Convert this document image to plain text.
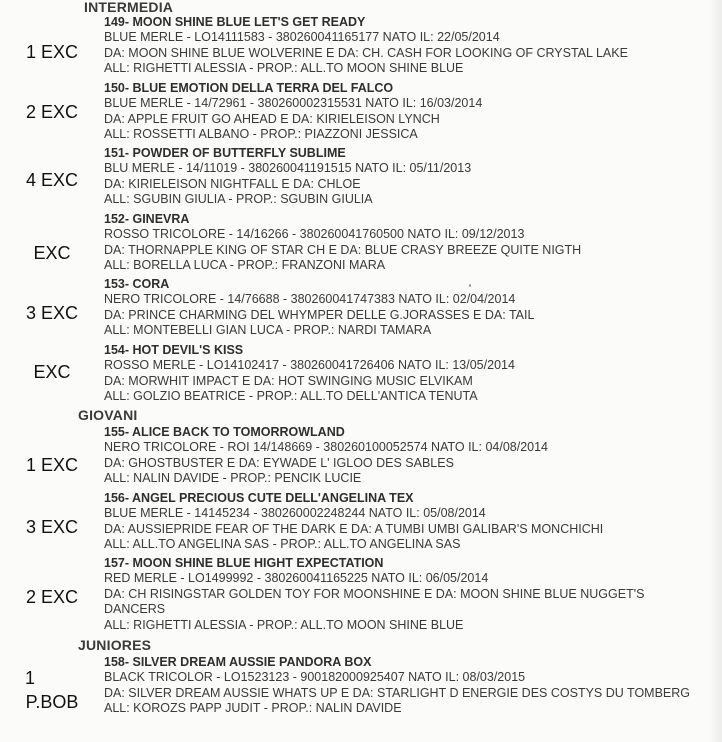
INTERMEDIA
1 EXC
149- MOON SHINE BLUE LET'S GET READY
BLUE MERLE - LO14111583 - 380260041165177 NATO IL: 22/05/2014
DA: MOON SHINE BLUE WOLVERINE E DA: CH. CASH FOR LOOKING OF CRYSTAL LAKE
ALL: RIGHETTI ALESSIA - PROP.: ALL.TO MOON SHINE BLUE
2 EXC
150- BLUE EMOTION DELLA TERRA DEL FALCO
BLUE MERLE - 14/72961 - 380260002315531 NATO IL: 16/03/2014
DA: APPLE FRUIT GO AHEAD E DA: KIRIELEISON LYNCH
ALL: ROSSETTI ALBANO - PROP.: PIAZZONI JESSICA
4 EXC
151- POWDER OF BUTTERFLY SUBLIME
BLU MERLE - 14/11019 - 380260041191515 NATO IL: 05/11/2013
DA: KIRIELEISON NIGHTFALL E DA: CHLOE
ALL: SGUBIN GIULIA - PROP.: SGUBIN GIULIA
EXC
152- GINEVRA
ROSSO TRICOLORE - 14/16266 - 380260041760500 NATO IL: 09/12/2013
DA: THORNAPPLE KING OF STAR CH E DA: BLUE CRASY BREEZE QUITE NIGTH
ALL: BORELLA LUCA - PROP.: FRANZONI MARA
3 EXC
153- CORA
NERO TRICOLORE - 14/76688 - 380260041747383 NATO IL: 02/04/2014
DA: PRINCE CHARMING DEL WHYMPER DELLE G.JORASSES E DA: TAIL
ALL: MONTEBELLI GIAN LUCA - PROP.: NARDI TAMARA
EXC
154- HOT DEVIL'S KISS
ROSSO MERLE - LO14102417 - 380260041726406 NATO IL: 13/05/2014
DA: MORWHIT IMPACT E DA: HOT SWINGING MUSIC ELVIKAM
ALL: GOLZIO BEATRICE - PROP.: ALL.TO DELL'ANTICA TENUTA
GIOVANI
1 EXC
155- ALICE BACK TO TOMORROWLAND
NERO TRICOLORE - ROI 14/148669 - 380260100052574 NATO IL: 04/08/2014
DA: GHOSTBUSTER E DA: EYWADE L' IGLOO DES SABLES
ALL: NALIN DAVIDE - PROP.: PENCIK LUCIE
3 EXC
156- ANGEL PRECIOUS CUTE DELL'ANGELINA TEX
BLUE MERLE - 14145234 - 380260002248244 NATO IL: 05/08/2014
DA: AUSSIEPRIDE FEAR OF THE DARK E DA: A TUMBI UMBI GALIBAR'S MONCHICHI
ALL: ALL.TO ANGELINA SAS - PROP.: ALL.TO ANGELINA SAS
2 EXC
157- MOON SHINE BLUE HIGHT EXPECTATION
RED MERLE - LO1499992 - 380260041165225 NATO IL: 06/05/2014
DA: CH RISINGSTAR GOLDEN TOY FOR MOONSHINE E DA: MOON SHINE BLUE NUGGET'S DANCERS
ALL: RIGHETTI ALESSIA - PROP.: ALL.TO MOON SHINE BLUE
JUNIORES
1
P.BOB
158- SILVER DREAM AUSSIE PANDORA BOX
BLACK TRICOLOR - LO1523123 - 900182000925407 NATO IL: 08/03/2015
DA: SILVER DREAM AUSSIE WHATS UP E DA: STARLIGHT D ENERGIE DES COSTYS DU TOMBERG
ALL: KOROZS PAPP JUDIT - PROP.: NALIN DAVIDE
